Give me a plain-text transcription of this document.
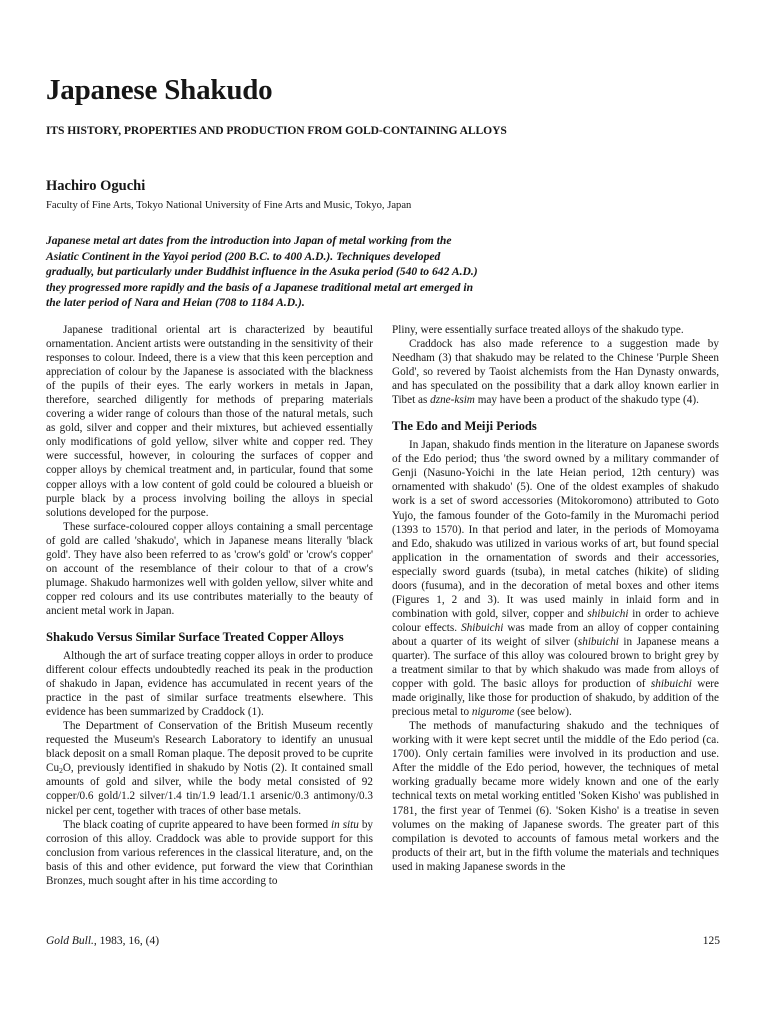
Japanese Shakudo
ITS HISTORY, PROPERTIES AND PRODUCTION FROM GOLD-CONTAINING ALLOYS
Hachiro Oguchi

Faculty of Fine Arts, Tokyo National University of Fine Arts and Music, Tokyo, Japan

Japanese metal art dates from the introduction into Japan of metal working from the Asiatic Continent in the Yayoi period (200 B.C. to 400 A.D.). Techniques developed gradually, but particularly under Buddhist influence in the Asuka period (540 to 642 A.D.) they progressed more rapidly and the basis of a Japanese traditional metal art emerged in the later period of Nara and Heian (708 to 1184 A.D.).

Japanese traditional oriental art is characterized by beautiful ornamentation. Ancient artists were outstanding in the sensitivity of their responses to colour. Indeed, there is a view that this keen perception and appreciation of colour by the Japanese is associated with the blackness of the pupils of their eyes. The early workers in metals in Japan, therefore, searched diligently for methods of preparing materials covering a wider range of colours than those of the natural metals, such as gold, silver and copper and their mixtures, but achieved essentially only modifications of gold yellow, silver white and copper red. They were successful, however, in colouring the surfaces of copper and copper alloys by chemical treatment and, in particular, found that some copper alloys with a low content of gold could be coloured a blueish or purple black by a process involving boiling the alloys in special solutions developed for the purpose.

These surface-coloured copper alloys containing a small percentage of gold are called 'shakudo', which in Japanese means literally 'black gold'. They have also been referred to as 'crow's gold' or 'crow's copper' on account of the resemblance of their colour to that of a crow's plumage. Shakudo harmonizes well with golden yellow, silver white and copper red colours and its use contributes materially to the beauty of ancient metal work in Japan.

Shakudo Versus Similar Surface Treated Copper Alloys

Although the art of surface treating copper alloys in order to produce different colour effects undoubtedly reached its peak in the production of shakudo in Japan, evidence has accumulated in recent years of the practice in the past of similar surface treatments elsewhere. This evidence has been summarized by Craddock (1).

The Department of Conservation of the British Museum recently requested the Museum's Research Laboratory to identify an unusual black deposit on a small Roman plaque. The deposit proved to be cuprite $Cu_2O$, previously identified in shakudo by Notis (2). It contained small amounts of gold and silver, while the body metal consisted of 92 copper/0.6 gold/1.2 silver/1.4 tin/1.9 lead/1.1 arsenic/0.3 antimony/0.3 nickel per cent, together with traces of other base metals.

The black coating of cuprite appeared to have been formed in situ by corrosion of this alloy. Craddock was able to provide support for this conclusion from various references in the classical literature, and, on the basis of this and other evidence, put forward the view that Corinthian Bronzes, much sought after in his time according to

Pliny, were essentially surface treated alloys of the shakudo type.

Craddock has also made reference to a suggestion made by Needham (3) that shakudo may be related to the Chinese 'Purple Sheen Gold', so revered by Taoist alchemists from the Han Dynasty onwards, and has speculated on the possibility that a dark alloy known earlier in Tibet as dzne-ksim may have been a product of the shakudo type (4).

The Edo and Meiji Periods

In Japan, shakudo finds mention in the literature on Japanese swords of the Edo period; thus 'the sword owned by a military commander of Genji (Nasuno-Yoichi in the late Heian period, 12th century) was ornamented with shakudo' (5). One of the oldest examples of shakudo work is a set of sword accessories (Mitokoromono) attributed to Goto Yujo, the famous founder of the Goto-family in the Muromachi period (1393 to 1570). In that period and later, in the periods of Momoyama and Edo, shakudo was utilized in various works of art, but found special application in the ornamentation of swords and their accessories, especially sword guards (tsuba), in metal catches (hikite) of sliding doors (fusuma), and in the decoration of metal boxes and other items (Figures 1, 2 and 3). It was used mainly in inlaid form and in combination with gold, silver, copper and shibuichi in order to achieve colour effects. Shibuichi was made from an alloy of copper containing about a quarter of its weight of silver (shibuichi in Japanese means a quarter). The surface of this alloy was coloured brown to bright grey by a treatment similar to that by which shakudo was made from alloys of copper with gold. The basic alloys for production of shibuichi were made originally, like those for production of shakudo, by addition of the precious metal to nigurome (see below).

The methods of manufacturing shakudo and the techniques of working with it were kept secret until the middle of the Edo period (ca. 1700). Only certain families were involved in its production and use. After the middle of the Edo period, however, the techniques of metal working gradually became more widely known and one of the early technical texts on metal working entitled 'Soken Kisho' was published in 1781, the first year of Tenmei (6). 'Soken Kisho' is a treatise in seven volumes on the making of Japanese swords. The greater part of this compilation is devoted to accounts of famous metal workers and the products of their art, but in the fifth volume the materials and techniques used in making Japanese swords in the

Gold Bull., 1983, 16, (4)	125
